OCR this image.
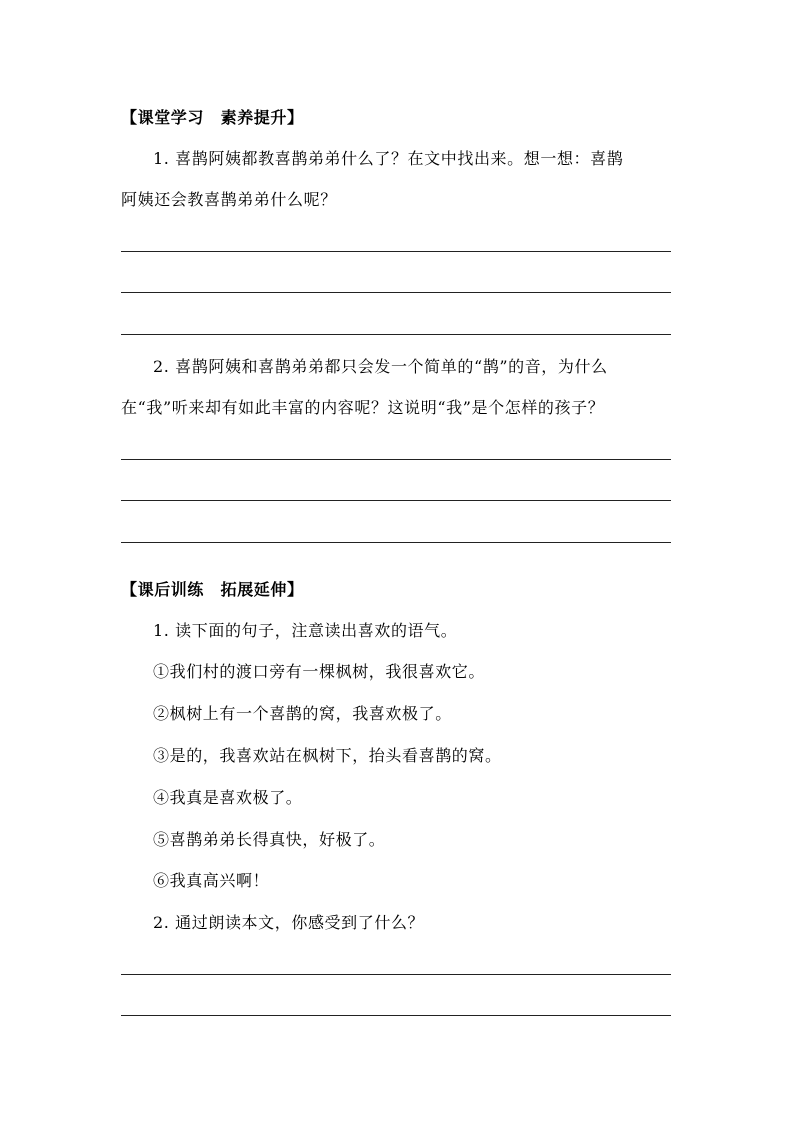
【课堂学习　素养提升】
1. 喜鹊阿姨都教喜鹊弟弟什么了？在文中找出来。想一想：喜鹊
阿姨还会教喜鹊弟弟什么呢？
2. 喜鹊阿姨和喜鹊弟弟都只会发一个简单的“鹊”的音，为什么
在“我”听来却有如此丰富的内容呢？这说明“我”是个怎样的孩子？
【课后训练　拓展延伸】
1. 读下面的句子，注意读出喜欢的语气。
①我们村的渡口旁有一棵枫树，我很喜欢它。
②枫树上有一个喜鹊的窝，我喜欢极了。
③是的，我喜欢站在枫树下，抬头看喜鹊的窝。
④我真是喜欢极了。
⑤喜鹊弟弟长得真快，好极了。
⑥我真高兴啊！
2. 通过朗读本文，你感受到了什么？
